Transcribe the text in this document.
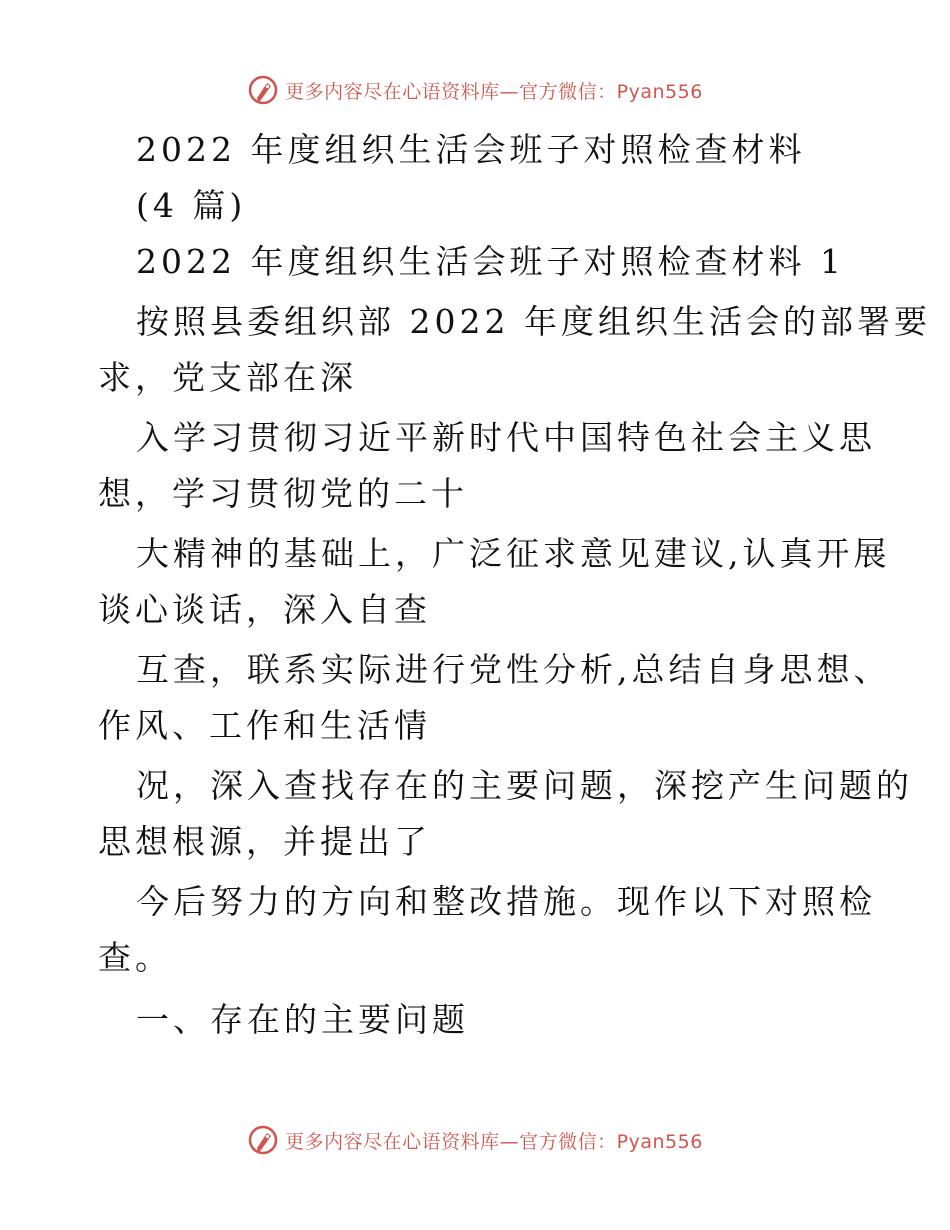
更多内容尽在心语资料库—官方微信：Pyan556
2022 年度组织生活会班子对照检查材料
(4 篇)
2022 年度组织生活会班子对照检查材料 1
按照县委组织部 2022 年度组织生活会的部署要
求，党支部在深
入学习贯彻习近平新时代中国特色社会主义思
想，学习贯彻党的二十
大精神的基础上，广泛征求意见建议,认真开展
谈心谈话，深入自查
互查，联系实际进行党性分析,总结自身思想、
作风、工作和生活情
况，深入查找存在的主要问题，深挖产生问题的
思想根源，并提出了
今后努力的方向和整改措施。现作以下对照检
查。
一、存在的主要问题
更多内容尽在心语资料库—官方微信：Pyan556
